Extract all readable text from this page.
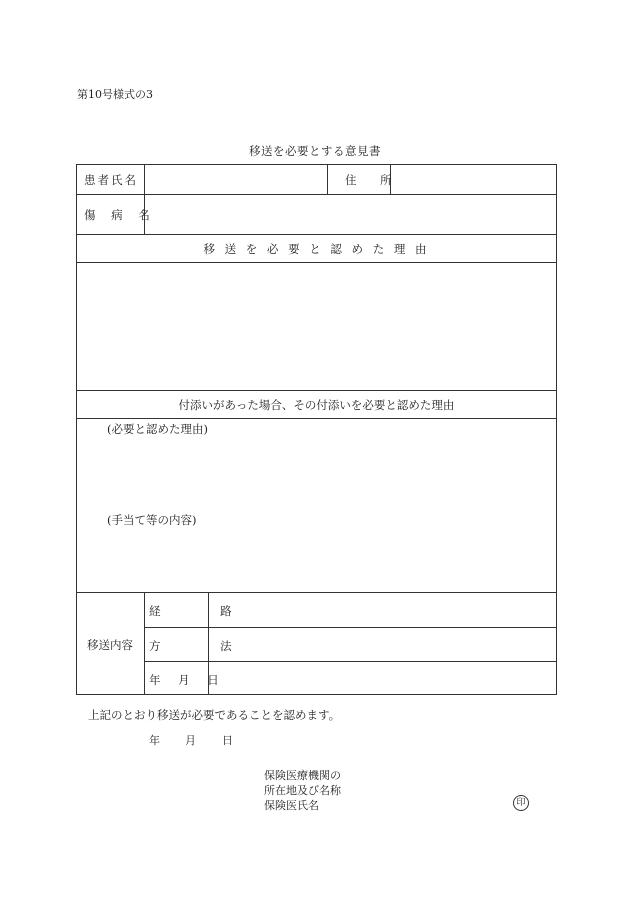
第10号様式の3
移送を必要とする意見書
患者氏名	住 所
傷 病 名
移 送 を 必 要 と 認 め た 理 由
付添いがあった場合、その付添いを必要と認めた理由
(必要と認めた理由)
(手当て等の内容)
移送内容
経 路
方 法
年 月 日
上記のとおり移送が必要であることを認めます。
年 月 日
保険医療機関の
所在地及び名称
保険医氏名	印
